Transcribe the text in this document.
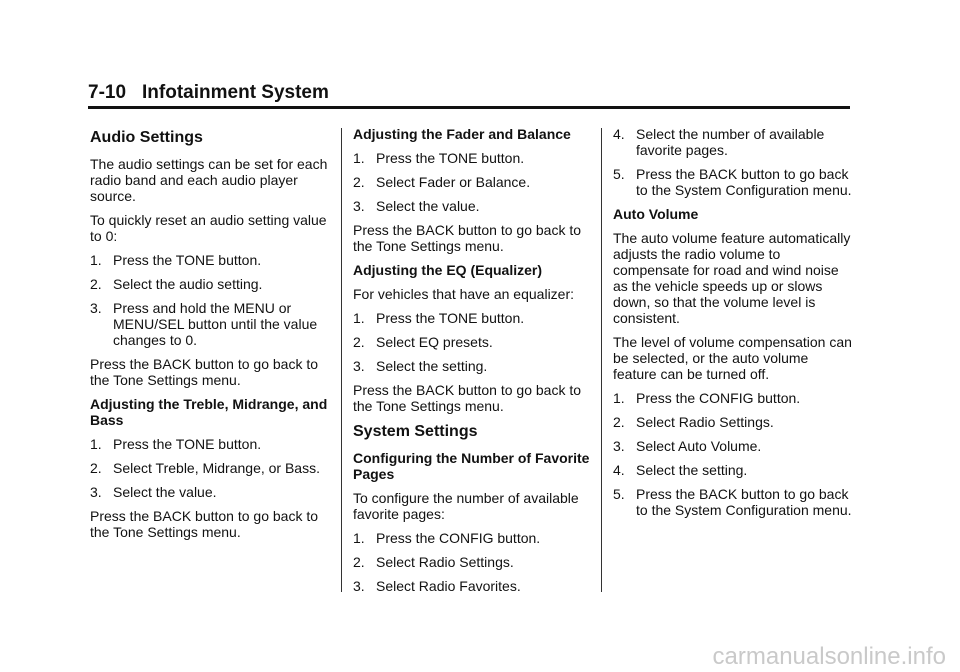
7-10 Infotainment System
Audio Settings

The audio settings can be set for each radio band and each audio player source.

To quickly reset an audio setting value to 0:

1. Press the TONE button.
2. Select the audio setting.
3. Press and hold the MENU or MENU/SEL button until the value changes to 0.

Press the BACK button to go back to the Tone Settings menu.

Adjusting the Treble, Midrange, and Bass
1. Press the TONE button.
2. Select Treble, Midrange, or Bass.
3. Select the value.

Press the BACK button to go back to the Tone Settings menu.

Adjusting the Fader and Balance
1. Press the TONE button.
2. Select Fader or Balance.
3. Select the value.

Press the BACK button to go back to the Tone Settings menu.

Adjusting the EQ (Equalizer)

For vehicles that have an equalizer:

1. Press the TONE button.
2. Select EQ presets.
3. Select the setting.

Press the BACK button to go back to the Tone Settings menu.

System Settings
Configuring the Number of Favorite Pages

To configure the number of available favorite pages:

1. Press the CONFIG button.
2. Select Radio Settings.
3. Select Radio Favorites.
4. Select the number of available favorite pages.
5. Press the BACK button to go back to the System Configuration menu.
Auto Volume

The auto volume feature automatically adjusts the radio volume to compensate for road and wind noise as the vehicle speeds up or slows down, so that the volume level is consistent.

The level of volume compensation can be selected, or the auto volume feature can be turned off.

1. Press the CONFIG button.
2. Select Radio Settings.
3. Select Auto Volume.
4. Select the setting.
5. Press the BACK button to go back to the System Configuration menu.
carmanualsonline.info
